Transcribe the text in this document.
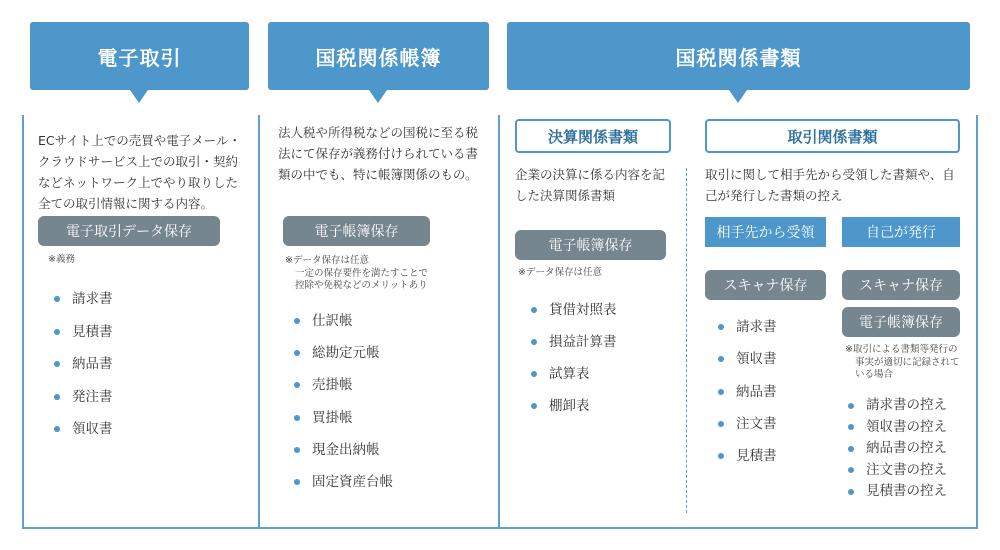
電子取引	国税関係帳簿	国税関係書類
ECサイト上での売買や電子メール・クラウドサービス上での取引・契約などネットワーク上でやり取りした全ての取引情報に関する内容。
電子取引データ保存
※義務
請求書
見積書
納品書
発注書
領収書
法人税や所得税などの国税に至る税法にて保存が義務付けられている書類の中でも、特に帳簿関係のもの。
電子帳簿保存
※データ保存は任意
一定の保存要件を満たすことで
控除や免税などのメリットあり
仕訳帳
総勘定元帳
売掛帳
買掛帳
現金出納帳
固定資産台帳
決算関係書類
企業の決算に係る内容を記した決算関係書類
電子帳簿保存
※データ保存は任意
貸借対照表
損益計算書
試算表
棚卸表
取引関係書類
取引に関して相手先から受領した書類や、自己が発行した書類の控え
相手先から受領
スキャナ保存
請求書
領収書
納品書
注文書
見積書
自己が発行
スキャナ保存
電子帳簿保存
※取引による書類等発行の
事実が適切に記録されて
いる場合
請求書の控え
領収書の控え
納品書の控え
注文書の控え
見積書の控え
